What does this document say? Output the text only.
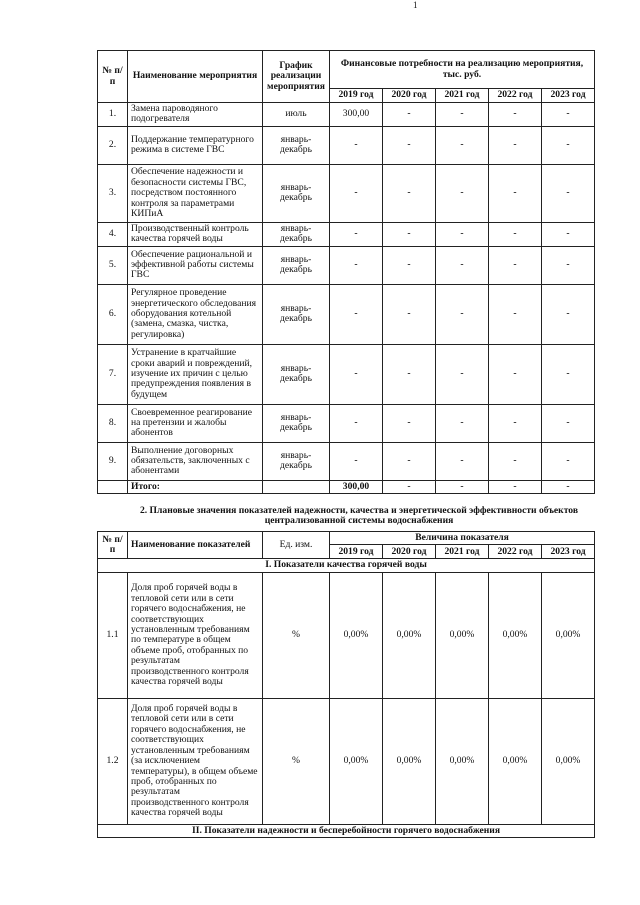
1
№ п/п	Наименование мероприятия	График реализации мероприятия	Финансовые потребности на реализацию мероприятия, тыс. руб.				
			2019 год	2020 год	2021 год	2022 год	2023 год
1.	Замена пароводяного подогревателя	июль	300,00	-	-	-	-
2.	Поддержание температурного режима в системе ГВС	январь-декабрь	-	-	-	-	-
3.	Обеспечение надежности и безопасности системы ГВС, посредством постоянного контроля за параметрами КИПиА	январь-декабрь	-	-	-	-	-
4.	Производственный контроль качества горячей воды	январь-декабрь	-	-	-	-	-
5.	Обеспечение рациональной и эффективной работы системы ГВС	январь-декабрь	-	-	-	-	-
6.	Регулярное проведение энергетического обследования оборудования котельной (замена, смазка, чистка, регулировка)	январь-декабрь	-	-	-	-	-
7.	Устранение в кратчайшие сроки аварий и повреждений, изучение их причин с целью предупреждения появления в будущем	январь-декабрь	-	-	-	-	-
8.	Своевременное реагирование на претензии и жалобы абонентов	январь-декабрь	-	-	-	-	-
9.	Выполнение договорных обязательств, заключенных с абонентами	январь-декабрь	-	-	-	-	-
	Итого:		300,00	-	-	-	-
2. Плановые значения показателей надежности, качества и энергетической эффективности объектов централизованной системы водоснабжения
№ п/п	Наименование показателей	Ед. изм.	Величина показателя				
			2019 год	2020 год	2021 год	2022 год	2023 год
I. Показатели качества горячей воды							
1.1	Доля проб горячей воды в тепловой сети или в сети горячего водоснабжения, не соответствующих установленным требованиям по температуре в общем объеме проб, отобранных по результатам производственного контроля качества горячей воды	%	0,00%	0,00%	0,00%	0,00%	0,00%
1.2	Доля проб горячей воды в тепловой сети или в сети горячего водоснабжения, не соответствующих установленным требованиям (за исключением температуры), в общем объеме проб, отобранных по результатам производственного контроля качества горячей воды	%	0,00%	0,00%	0,00%	0,00%	0,00%
II. Показатели надежности и бесперебойности горячего водоснабжения							
